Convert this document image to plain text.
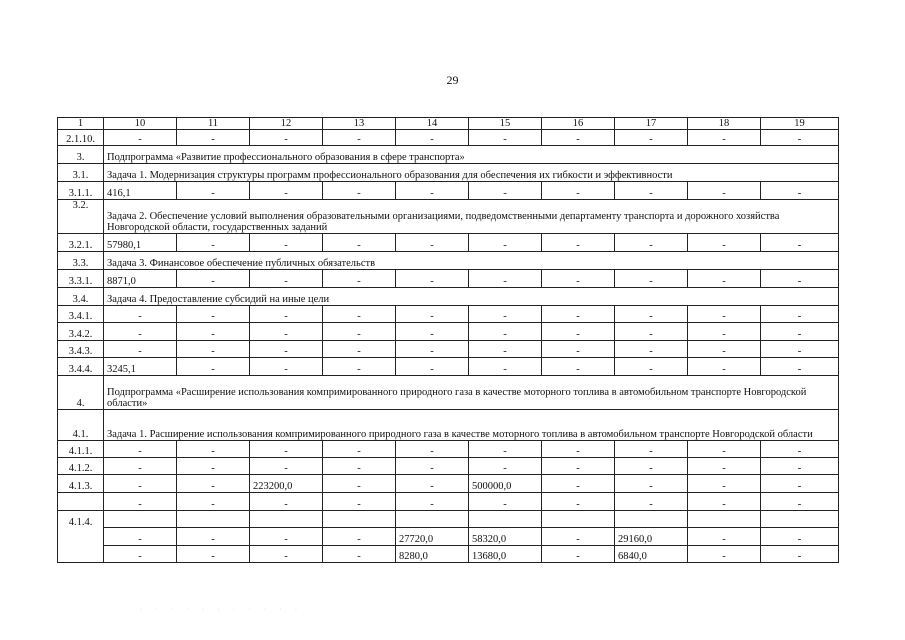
29
1	10	11	12	13	14	15	16	17	18	19
2.1.10.	-	-	-	-	-	-	-	-	-	-
3.	Подпрограмма «Развитие профессионального образования в сфере транспорта»									
3.1.	Задача 1. Модернизация структуры программ профессионального образования для обеспечения их гибкости и эффективности									
3.1.1.	416,1	-	-	-	-	-	-	-	-	-
3.2.	Задача 2. Обеспечение условий выполнения образовательными организациями, подведомственными департаменту транспорта и дорожного хозяйства Новгородской области, государственных заданий									
3.2.1.	57980,1	-	-	-	-	-	-	-	-	-
3.3.	Задача 3. Финансовое обеспечение публичных обязательств									
3.3.1.	8871,0	-	-	-	-	-	-	-	-	-
3.4.	Задача 4. Предоставление субсидий на иные цели									
3.4.1.	-	-	-	-	-	-	-	-	-	-
3.4.2.	-	-	-	-	-	-	-	-	-	-
3.4.3.	-	-	-	-	-	-	-	-	-	-
3.4.4.	3245,1	-	-	-	-	-	-	-	-	-
4.	Подпрограмма «Расширение использования компримированного природного газа в качестве моторного топлива в автомобильном транспорте Новгородской области»									
4.1.	Задача 1. Расширение использования компримированного природного газа в качестве моторного топлива в автомобильном транспорте Новгородской области									
4.1.1.	-	-	-	-	-	-	-	-	-	-
4.1.2.	-	-	-	-	-	-	-	-	-	-
4.1.3.	-	-	223200,0	-	-	500000,0	-	-	-	-
	-	-	-	-	-	-	-	-	-	-
4.1.4.										
	-	-	-	-	27720,0	58320,0	-	29160,0	-	-
	-	-	-	-	8280,0	13680,0	-	6840,0	-	-
· · · · · · · · · · ·
